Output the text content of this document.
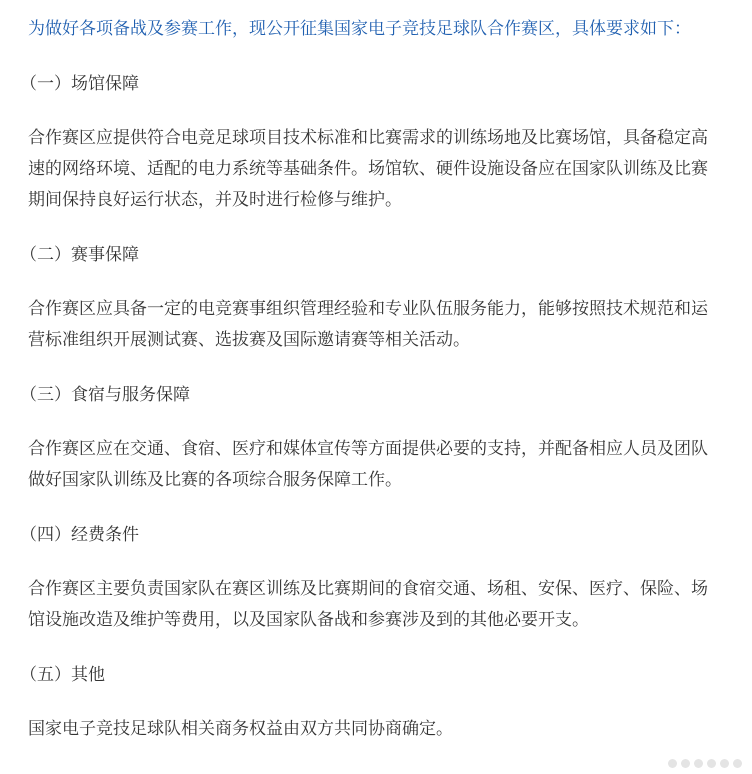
为做好各项备战及参赛工作，现公开征集国家电子竞技足球队合作赛区，具体要求如下：

（一）场馆保障

合作赛区应提供符合电竞足球项目技术标准和比赛需求的训练场地及比赛场馆，具备稳定高速的网络环境、适配的电力系统等基础条件。场馆软、硬件设施设备应在国家队训练及比赛期间保持良好运行状态，并及时进行检修与维护。

（二）赛事保障

合作赛区应具备一定的电竞赛事组织管理经验和专业队伍服务能力，能够按照技术规范和运营标准组织开展测试赛、选拔赛及国际邀请赛等相关活动。

（三）食宿与服务保障

合作赛区应在交通、食宿、医疗和媒体宣传等方面提供必要的支持，并配备相应人员及团队做好国家队训练及比赛的各项综合服务保障工作。

（四）经费条件

合作赛区主要负责国家队在赛区训练及比赛期间的食宿交通、场租、安保、医疗、保险、场馆设施改造及维护等费用，以及国家队备战和参赛涉及到的其他必要开支。

（五）其他

国家电子竞技足球队相关商务权益由双方共同协商确定。
